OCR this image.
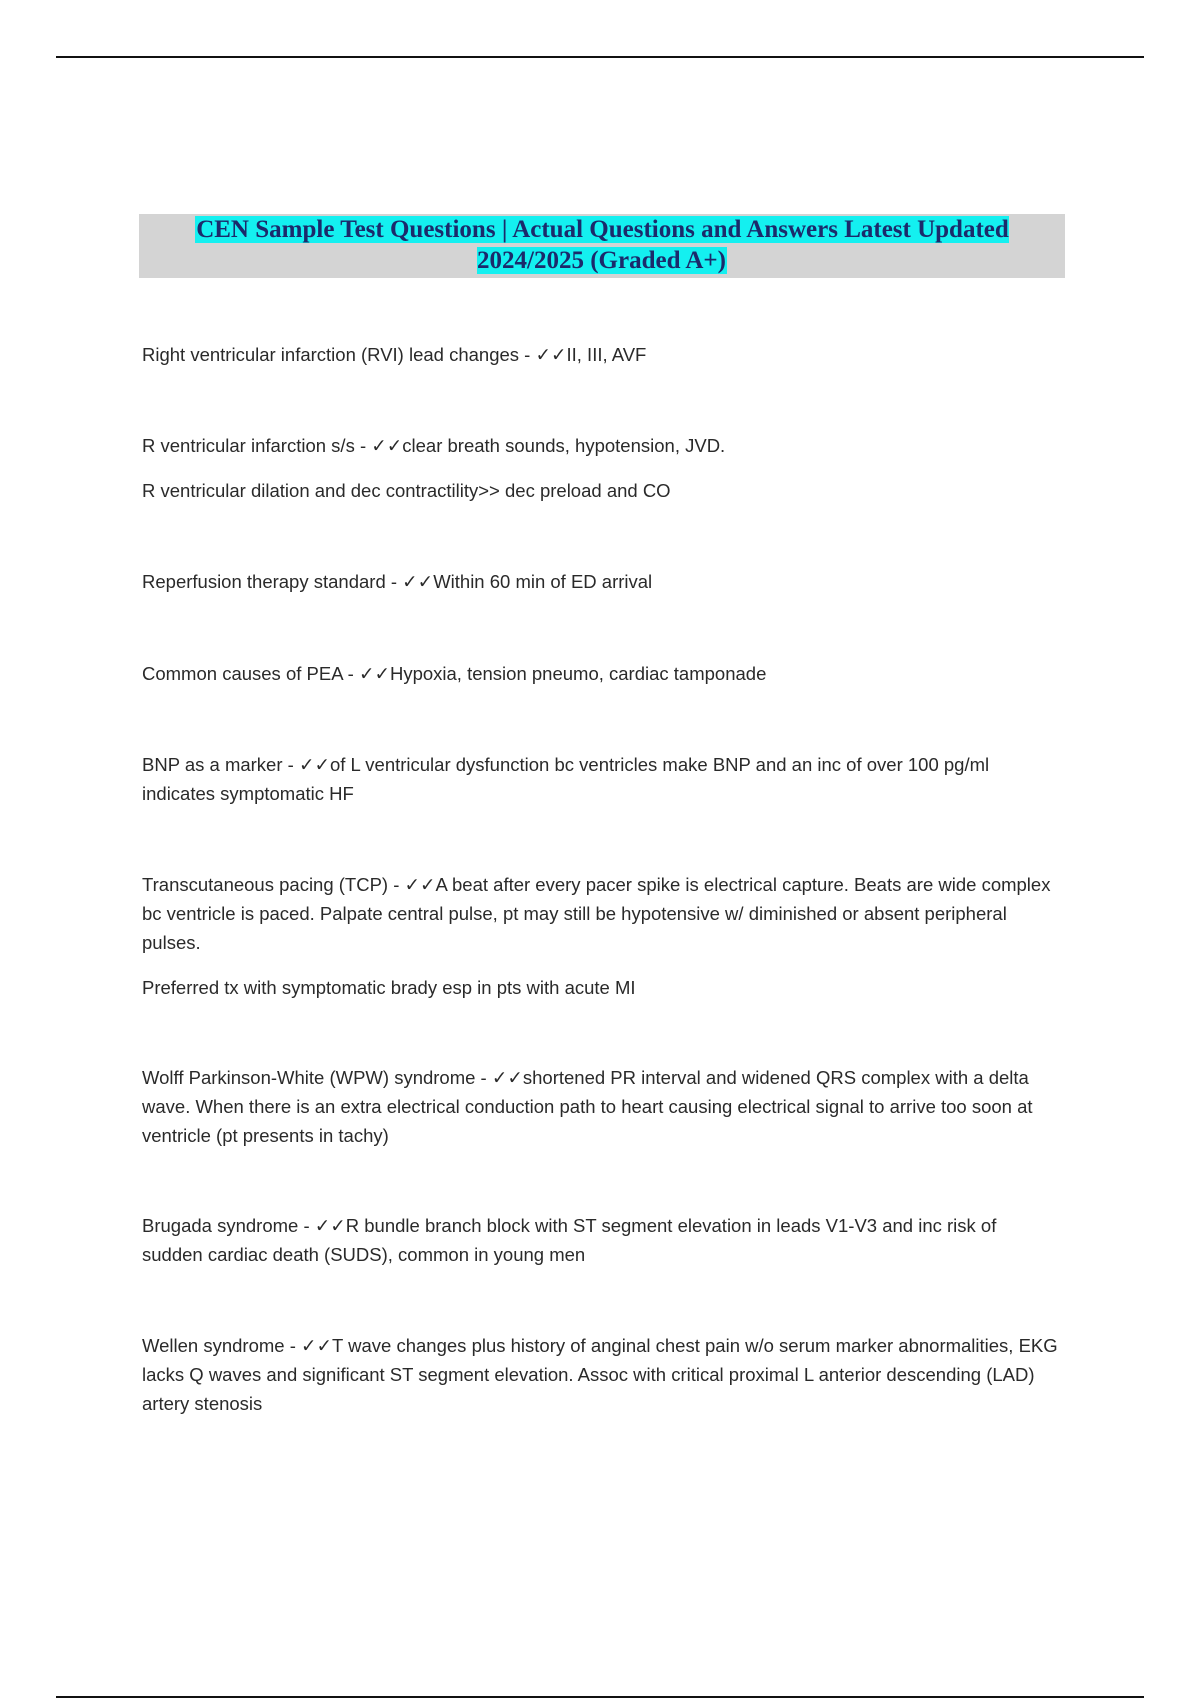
CEN Sample Test Questions | Actual Questions and Answers Latest Updated 2024/2025 (Graded A+)
Right ventricular infarction (RVI) lead changes - ✓✓II, III, AVF
R ventricular infarction s/s - ✓✓clear breath sounds, hypotension, JVD.
R ventricular dilation and dec contractility>> dec preload and CO
Reperfusion therapy standard - ✓✓Within 60 min of ED arrival
Common causes of PEA - ✓✓Hypoxia, tension pneumo, cardiac tamponade
BNP as a marker - ✓✓of L ventricular dysfunction bc ventricles make BNP and an inc of over 100 pg/ml indicates symptomatic HF
Transcutaneous pacing (TCP) - ✓✓A beat after every pacer spike is electrical capture. Beats are wide complex bc ventricle is paced. Palpate central pulse, pt may still be hypotensive w/ diminished or absent peripheral pulses.
Preferred tx with symptomatic brady esp in pts with acute MI
Wolff Parkinson-White (WPW) syndrome - ✓✓shortened PR interval and widened QRS complex with a delta wave. When there is an extra electrical conduction path to heart causing electrical signal to arrive too soon at ventricle (pt presents in tachy)
Brugada syndrome - ✓✓R bundle branch block with ST segment elevation in leads V1-V3 and inc risk of sudden cardiac death (SUDS), common in young men
Wellen syndrome - ✓✓T wave changes plus history of anginal chest pain w/o serum marker abnormalities, EKG lacks Q waves and significant ST segment elevation. Assoc with critical proximal L anterior descending (LAD) artery stenosis
